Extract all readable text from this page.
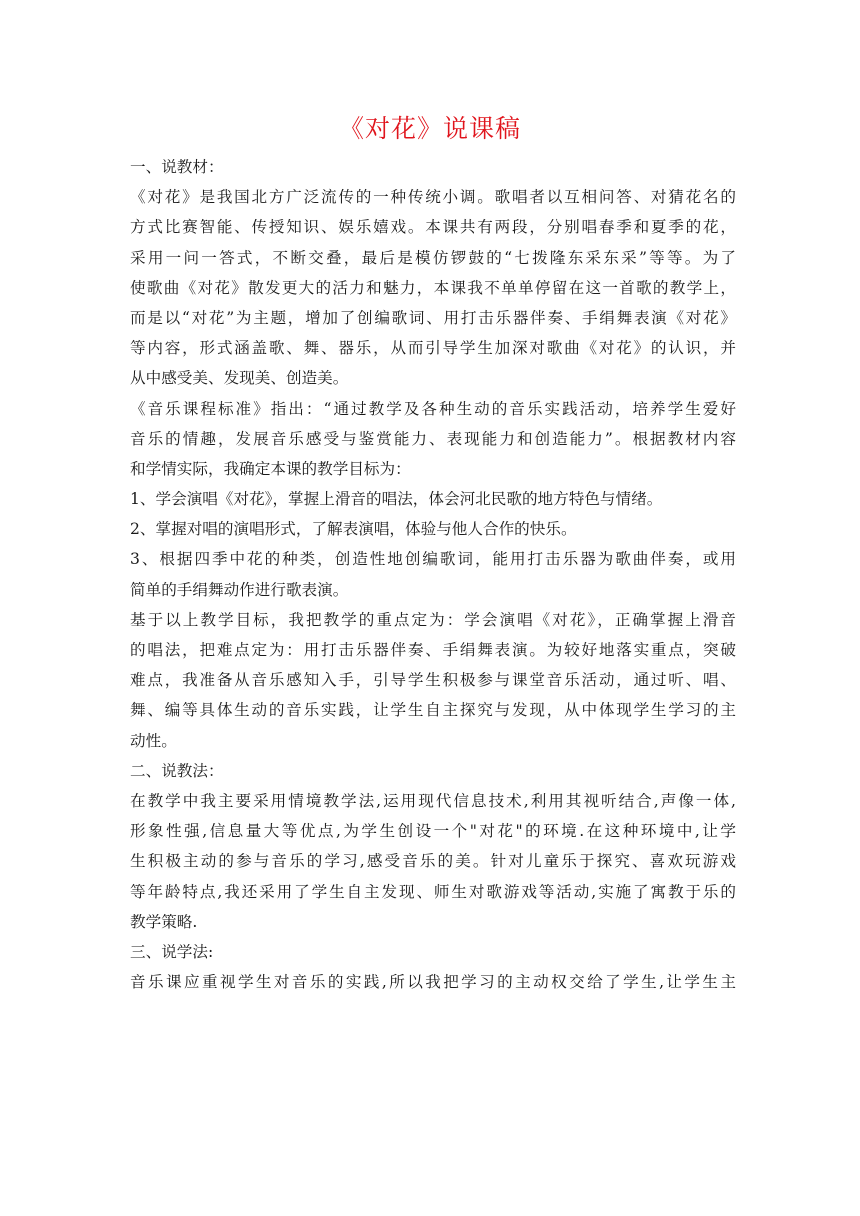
《对花》说课稿
一、说教材：
《对花》是我国北方广泛流传的一种传统小调。歌唱者以互相问答、对猜花名的
方式比赛智能、传授知识、娱乐嬉戏。本课共有两段，分别唱春季和夏季的花，
采用一问一答式，不断交叠，最后是模仿锣鼓的“七拨隆东采东采”等等。为了
使歌曲《对花》散发更大的活力和魅力，本课我不单单停留在这一首歌的教学上，
而是以“对花”为主题，增加了创编歌词、用打击乐器伴奏、手绢舞表演《对花》
等内容，形式涵盖歌、舞、器乐，从而引导学生加深对歌曲《对花》的认识，并
从中感受美、发现美、创造美。
《音乐课程标准》指出：“通过教学及各种生动的音乐实践活动，培养学生爱好
音乐的情趣，发展音乐感受与鉴赏能力、表现能力和创造能力”。根据教材内容
和学情实际，我确定本课的教学目标为：
1、学会演唱《对花》，掌握上滑音的唱法，体会河北民歌的地方特色与情绪。
2、掌握对唱的演唱形式，了解表演唱，体验与他人合作的快乐。
3、根据四季中花的种类，创造性地创编歌词，能用打击乐器为歌曲伴奏，或用
简单的手绢舞动作进行歌表演。
基于以上教学目标，我把教学的重点定为：学会演唱《对花》，正确掌握上滑音
的唱法，把难点定为：用打击乐器伴奏、手绢舞表演。为较好地落实重点，突破
难点，我准备从音乐感知入手，引导学生积极参与课堂音乐活动，通过听、唱、
舞、编等具体生动的音乐实践，让学生自主探究与发现，从中体现学生学习的主
动性。
二、说教法：
在教学中我主要采用情境教学法,运用现代信息技术,利用其视听结合,声像一体,
形象性强,信息量大等优点,为学生创设一个"对花"的环境.在这种环境中,让学
生积极主动的参与音乐的学习,感受音乐的美。针对儿童乐于探究、喜欢玩游戏
等年龄特点,我还采用了学生自主发现、师生对歌游戏等活动,实施了寓教于乐的
教学策略.
三、说学法:
音乐课应重视学生对音乐的实践,所以我把学习的主动权交给了学生,让学生主
